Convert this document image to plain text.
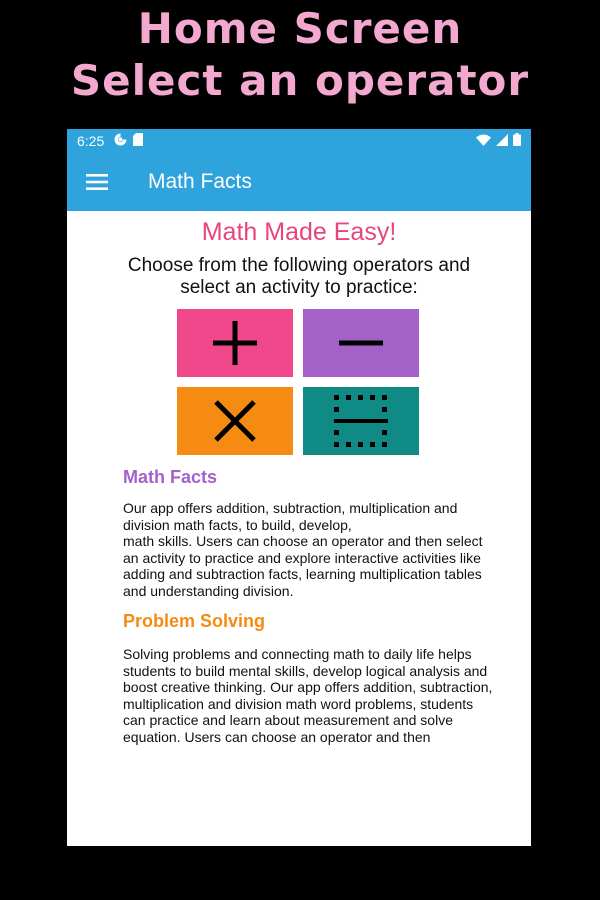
Home Screen
Select an operator
6:25
Math Facts
Math Made Easy!
Choose from the following operators and select an activity to practice:
Math Facts
Our app offers addition, subtraction, multiplication and division math facts, to build, develop,
math skills. Users can choose an operator and then select an activity to practice and explore interactive activities like adding and subtraction facts, learning multiplication tables and understanding division.
Problem Solving
Solving problems and connecting math to daily life helps students to build mental skills, develop logical analysis and boost creative thinking. Our app offers addition, subtraction, multiplication and division math word problems, students can practice and learn about measurement and solve equation. Users can choose an operator and then
